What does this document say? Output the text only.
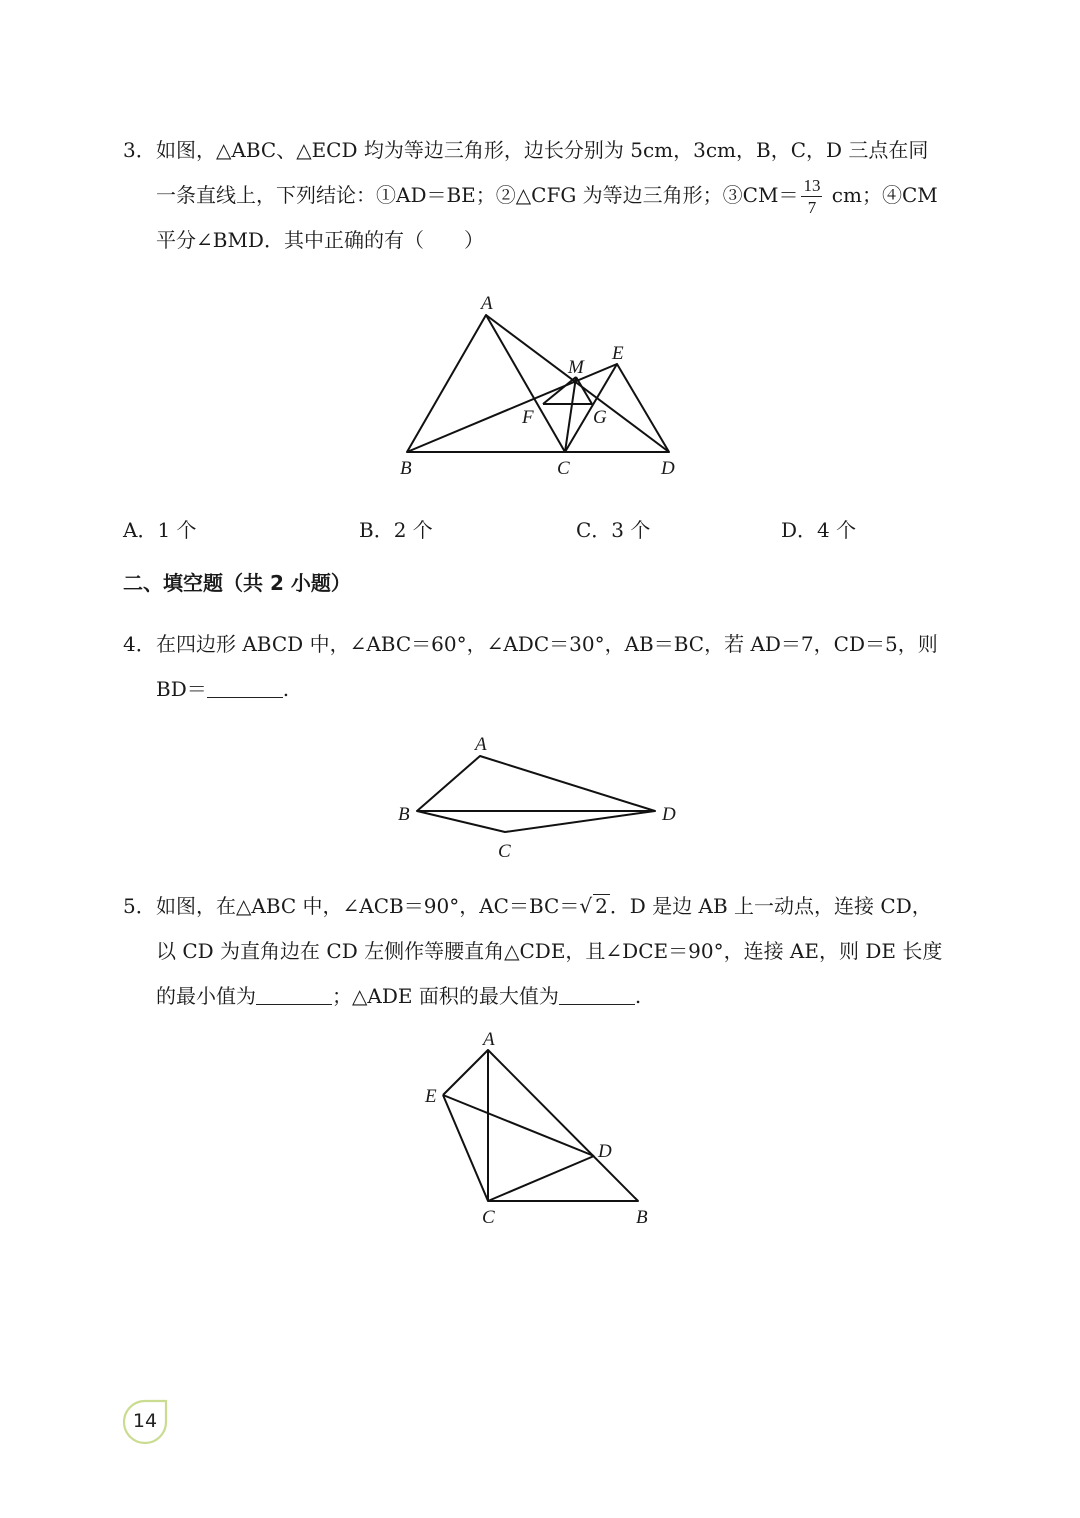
3．如图，△ABC、△ECD 均为等边三角形，边长分别为 5cm，3cm，B，C，D 三点在同
一条直线上，下列结论：①AD＝BE；②△CFG 为等边三角形；③CM＝ $\frac{13}{7}$ cm；④CM
平分∠BMD．其中正确的有（　　）
A
E
M
F	G
B	C	D
A．1 个	B．2 个	C．3 个	D．4 个
二、填空题（共 2 小题）
4．在四边形 ABCD 中，∠ABC＝60°，∠ADC＝30°，AB＝BC，若 AD＝7，CD＝5，则
BD＝	.
A
B	D
C
5．如图，在△ABC 中，∠ACB＝90°，AC＝BC＝√ 2 ．D 是边 AB 上一动点，连接 CD，
以 CD 为直角边在 CD 左侧作等腰直角△CDE，且∠DCE＝90°，连接 AE，则 DE 长度
的最小值为	；△ADE 面积的最大值为	.
A
E
D
C	B
14
